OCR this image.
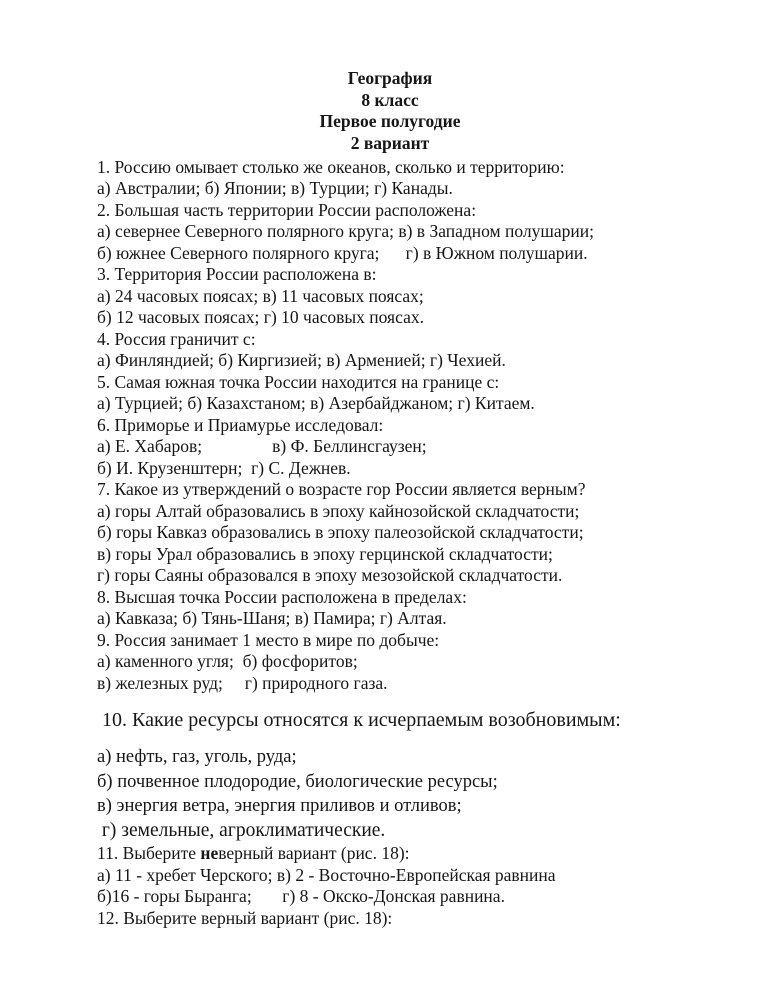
География
8 класс
Первое полугодие
2 вариант
1. Россию омывает столько же океанов, сколько и территорию:
а) Австралии; б) Японии; в) Турции; г) Канады.
2. Большая часть территории России расположена:
а) севернее Северного полярного круга; в) в Западном полушарии;
б) южнее Северного полярного круга;      г) в Южном полушарии.
3. Территория России расположена в:
а) 24 часовых поясах; в) 11 часовых поясах;
б) 12 часовых поясах; г) 10 часовых поясах.
4. Россия граничит с:
а) Финляндией; б) Киргизией; в) Арменией; г) Чехией.
5. Самая южная точка России находится на границе с:
а) Турцией; б) Казахстаном; в) Азербайджаном; г) Китаем.
6. Приморье и Приамурье исследовал:
а) Е. Хабаров;                в) Ф. Беллинсгаузен;
б) И. Крузенштерн;  г) С. Дежнев.
7. Какое из утверждений о возрасте гор России является верным?
а) горы Алтай образовались в эпоху кайнозойской складчатости;
б) горы Кавказ образовались в эпоху палеозойской складчатости;
в) горы Урал образовались в эпоху герцинской складчатости;
г) горы Саяны образовался в эпоху мезозойской складчатости.
8. Высшая точка России расположена в пределах:
а) Кавказа; б) Тянь-Шаня; в) Памира; г) Алтая.
9. Россия занимает 1 место в мире по добыче:
а) каменного угля;  б) фосфоритов;
в) железных руд;     г) природного газа.
10. Какие ресурсы относятся к исчерпаемым возобновимым:
а) нефть, газ, уголь, руда;
б) почвенное плодородие, биологические ресурсы;
в) энергия ветра, энергия приливов и отливов;
г) земельные, агроклиматические.
11. Выберите неверный вариант (рис. 18):
а) 11 - хребет Черского; в) 2 - Восточно-Европейская равнина
б)16 - горы Быранга;       г) 8 - Окско-Донская равнина.
12. Выберите верный вариант (рис. 18):
